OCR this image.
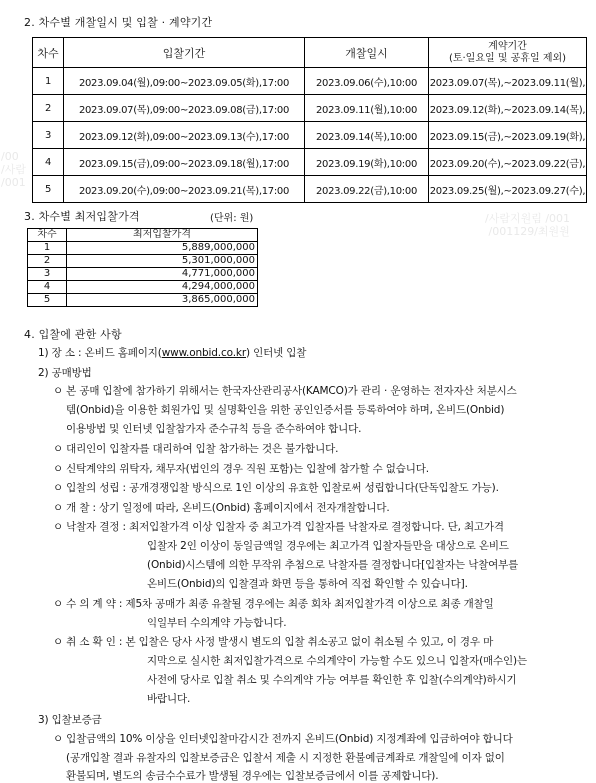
/00
/사람
/001
/사람지원림 /001
/001129/최원원

2. 차수별 개찰일시 및 입찰 · 계약기간
차수	입찰기간	개찰일시	계약기간
(토·일요일 및 공휴일 제외)

1	2023.09.04(월),09:00~2023.09.05(화),17:00	2023.09.06(수),10:00	2023.09.07(목),~2023.09.11(월),
2	2023.09.07(목),09:00~2023.09.08(금),17:00	2023.09.11(월),10:00	2023.09.12(화),~2023.09.14(목),
3	2023.09.12(화),09:00~2023.09.13(수),17:00	2023.09.14(목),10:00	2023.09.15(금),~2023.09.19(화),
4	2023.09.15(금),09:00~2023.09.18(월),17:00	2023.09.19(화),10:00	2023.09.20(수),~2023.09.22(금),
5	2023.09.20(수),09:00~2023.09.21(목),17:00	2023.09.22(금),10:00	2023.09.25(월),~2023.09.27(수),
3. 차수별 최저입찰가격	(단위: 원)
차수	최저입찰가격
1	5,889,000,000
2	5,301,000,000
3	4,771,000,000
4	4,294,000,000
5	3,865,000,000
4. 입찰에 관한 사항
1) 장 소 : 온비드 홈페이지(www.onbid.co.kr) 인터넷 입찰
2) 공매방법
ㅇ 본 공매 입찰에 참가하기 위해서는 한국자산관리공사(KAMCO)가 관리 · 운영하는 전자자산 처분시스
템(Onbid)을 이용한 회원가입 및 실명확인을 위한 공인인증서를 등록하여야 하며, 온비드(Onbid)
이용방법 및 인터넷 입찰참가자 준수규칙 등을 준수하여야 합니다.
ㅇ 대리인이 입찰자를 대리하여 입찰 참가하는 것은 불가합니다.
ㅇ 신탁계약의 위탁자, 채무자(법인의 경우 직원 포함)는 입찰에 참가할 수 없습니다.
ㅇ 입찰의 성립 : 공개경쟁입찰 방식으로 1인 이상의 유효한 입찰로써 성립합니다(단독입찰도 가능).
ㅇ 개 찰 : 상기 일정에 따라, 온비드(Onbid) 홈페이지에서 전자개찰합니다.
ㅇ 낙찰자 결정 : 최저입찰가격 이상 입찰자 중 최고가격 입찰자를 낙찰자로 결정합니다. 단, 최고가격
입찰자 2인 이상이 동일금액일 경우에는 최고가격 입찰자들만을 대상으로 온비드
(Onbid)시스템에 의한 무작위 추첨으로 낙찰자를 결정합니다[입찰자는 낙찰여부를
온비드(Onbid)의 입찰결과 화면 등을 통하여 직접 확인할 수 있습니다].
ㅇ 수 의 계 약 : 제5차 공매가 최종 유찰될 경우에는 최종 회차 최저입찰가격 이상으로 최종 개찰일
익일부터 수의계약 가능합니다.
ㅇ 취 소 확 인 : 본 입찰은 당사 사정 발생시 별도의 입찰 취소공고 없이 취소될 수 있고, 이 경우 마
지막으로 실시한 최저입찰가격으로 수의계약이 가능할 수도 있으니 입찰자(매수인)는
사전에 당사로 입찰 취소 및 수의계약 가능 여부를 확인한 후 입찰(수의계약)하시기
바랍니다.
3) 입찰보증금
ㅇ 입찰금액의 10% 이상을 인터넷입찰마감시간 전까지 온비드(Onbid) 지정계좌에 입금하여야 합니다
(공개입찰 결과 유찰자의 입찰보증금은 입찰서 제출 시 지정한 환불예금계좌로 개찰일에 이자 없이
환불되며, 별도의 송금수수료가 발생될 경우에는 입찰보증금에서 이를 공제합니다).
